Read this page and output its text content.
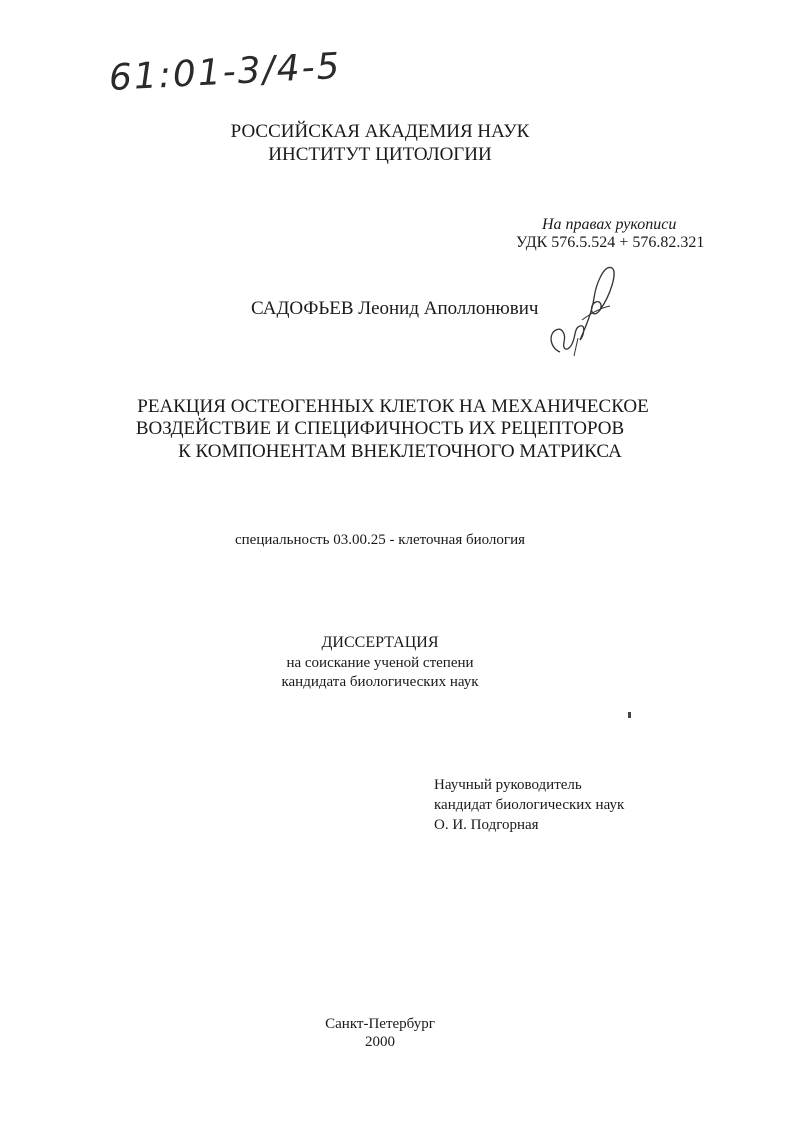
61:01-3/4-5
РОССИЙСКАЯ АКАДЕМИЯ НАУК
ИНСТИТУТ ЦИТОЛОГИИ
На правах рукописи
УДК 576.5.524 + 576.82.321
САДОФЬЕВ Леонид Аполлонювич
РЕАКЦИЯ ОСТЕОГЕННЫХ КЛЕТОК НА МЕХАНИЧЕСКОЕ
ВОЗДЕЙСТВИЕ И СПЕЦИФИЧНОСТЬ ИХ РЕЦЕПТОРОВ
К КОМПОНЕНТАМ ВНЕКЛЕТОЧНОГО МАТРИКСА
специальность 03.00.25 - клеточная биология
ДИССЕРТАЦИЯ
на соискание ученой степени
кандидата биологических наук
Научный руководитель
кандидат биологических наук
О. И. Подгорная
Санкт-Петербург
2000
